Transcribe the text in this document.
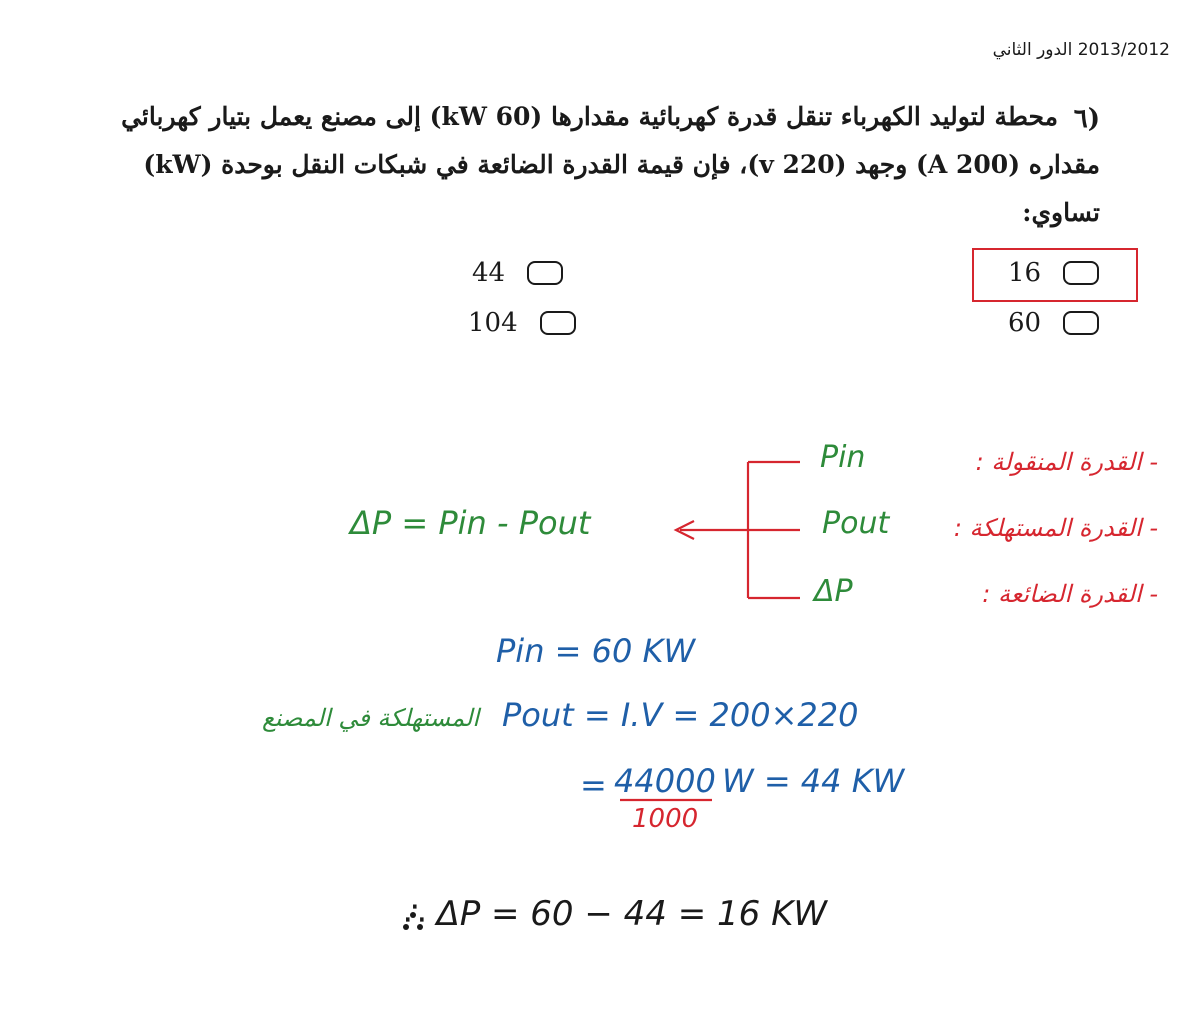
2013/2012 الدور الثاني
٦)
محطة لتوليد الكهرباء تنقل قدرة كهربائية مقدارها (60 kW) إلى مصنع يعمل بتيار كهربائي
مقداره (200 A) وجهد (220 v)، فإن قيمة القدرة الضائعة في شبكات النقل بوحدة (kW)
تساوي:
16
60
44
104
Pin
Pout
ΔP
- القدرة المنقولة :
- القدرة المستهلكة :
- القدرة الضائعة :
ΔP = Pin - Pout
Pin = 60 KW
المستهلكة في المصنع Pout = I.V = 200×220
= 44000 W = 44 KW
1000
∴ ΔP = 60 − 44 = 16 KW
